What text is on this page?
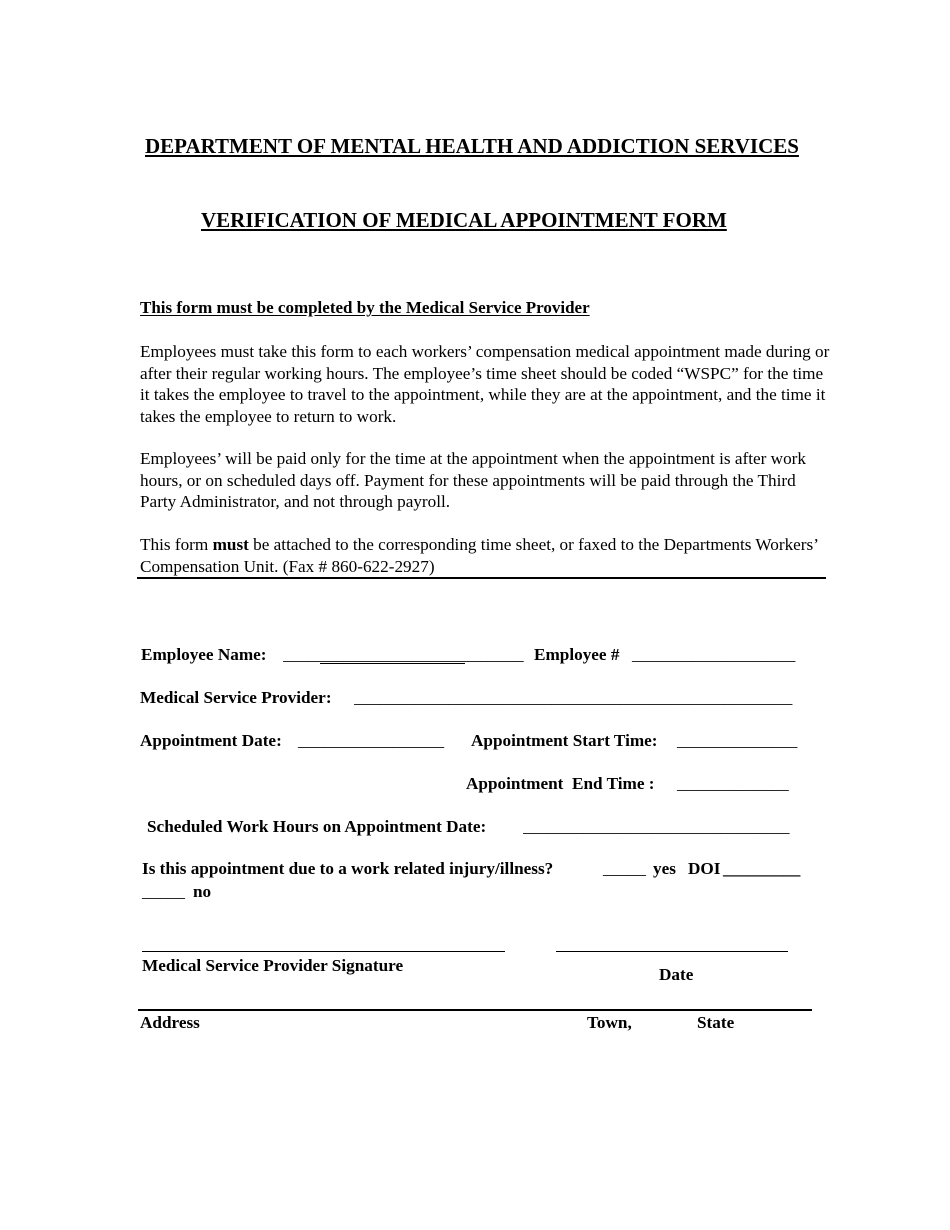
DEPARTMENT OF MENTAL HEALTH AND ADDICTION SERVICES
VERIFICATION OF MEDICAL APPOINTMENT FORM
This form must be completed by the Medical Service Provider

Employees must take this form to each workers’ compensation medical appointment made during or after their regular working hours. The employee’s time sheet should be coded “WSPC” for the time it takes the employee to travel to the appointment, while they are at the appointment, and the time it takes the employee to return to work.

Employees’ will be paid only for the time at the appointment when the appointment is after work hours, or on scheduled days off. Payment for these appointments will be paid through the Third Party Administrator, and not through payroll.

This form must be attached to the corresponding time sheet, or faxed to the Departments Workers’ Compensation Unit. (Fax # 860-622-2927)

Employee Name: ____________________________ Employee # ___________________
Medical Service Provider: ___________________________________________________
Appointment Date: _________________ Appointment Start Time: ______________
Appointment  End Time : _____________
Scheduled Work Hours on Appointment Date: _______________________________
Is this appointment due to a work related injury/illness?	_____ yes DOI _________
_____ no
Medical Service Provider Signature	Date
Address	Town,	State
